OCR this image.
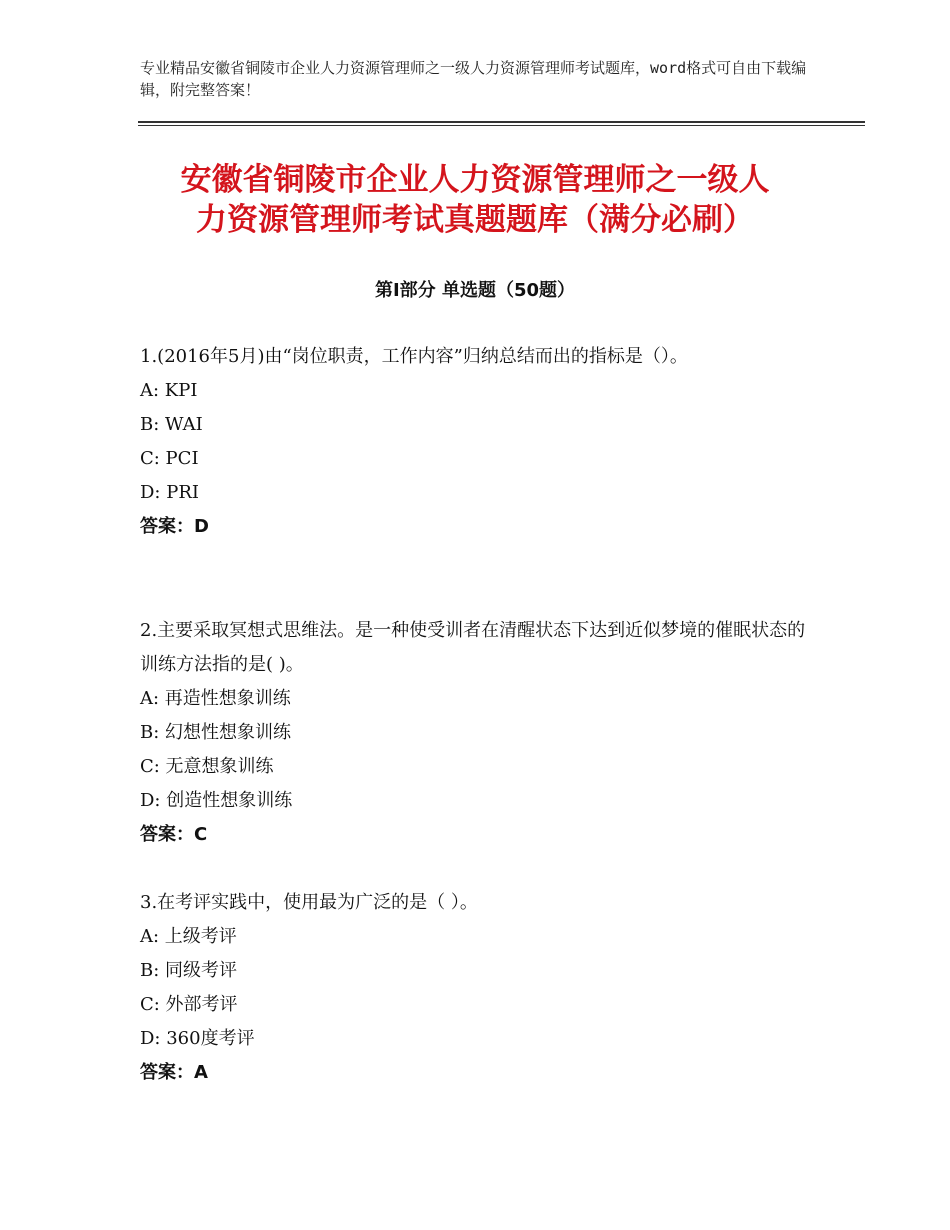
专业精品安徽省铜陵市企业人力资源管理师之一级人力资源管理师考试题库，word格式可自由下载编辑，附完整答案！
安徽省铜陵市企业人力资源管理师之一级人
力资源管理师考试真题题库（满分必刷）
第Ⅰ部分 单选题（50题）
1.(2016年5月)由“岗位职责，工作内容”归纳总结而出的指标是（）。
A: KPI
B: WAI
C: PCI
D: PRI
答案：D
2.主要采取冥想式思维法。是一种使受训者在清醒状态下达到近似梦境的催眠状态的训练方法指的是( )。
A: 再造性想象训练
B: 幻想性想象训练
C: 无意想象训练
D: 创造性想象训练
答案：C
3.在考评实践中，使用最为广泛的是（ ）。
A: 上级考评
B: 同级考评
C: 外部考评
D: 360度考评
答案：A
